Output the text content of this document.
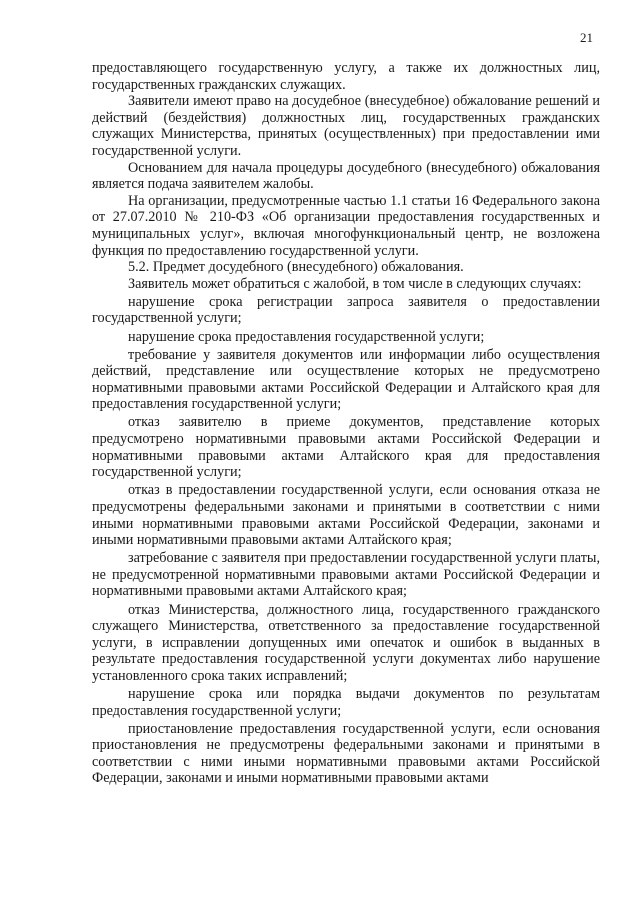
21

предоставляющего государственную услугу, а также их должностных лиц, государственных гражданских служащих.

Заявители имеют право на досудебное (внесудебное) обжалование решений и действий (бездействия) должностных лиц, государственных гражданских служащих Министерства, принятых (осуществленных) при предоставлении ими государственной услуги.

Основанием для начала процедуры досудебного (внесудебного) обжалования является подача заявителем жалобы.

На организации, предусмотренные частью 1.1 статьи 16 Федерального закона от 27.07.2010 № 210-ФЗ «Об организации предоставления государственных и муниципальных услуг», включая многофункциональный центр, не возложена функция по предоставлению государственной услуги.

5.2. Предмет досудебного (внесудебного) обжалования.

Заявитель может обратиться с жалобой, в том числе в следующих случаях:

нарушение срока регистрации запроса заявителя о предоставлении государственной услуги;

нарушение срока предоставления государственной услуги;

требование у заявителя документов или информации либо осуществления действий, представление или осуществление которых не предусмотрено нормативными правовыми актами Российской Федерации и Алтайского края для предоставления государственной услуги;

отказ заявителю в приеме документов, представление которых предусмотрено нормативными правовыми актами Российской Федерации и нормативными правовыми актами Алтайского края для предоставления государственной услуги;

отказ в предоставлении государственной услуги, если основания отказа не предусмотрены федеральными законами и принятыми в соответствии с ними иными нормативными правовыми актами Российской Федерации, законами и иными нормативными правовыми актами Алтайского края;

затребование с заявителя при предоставлении государственной услуги платы, не предусмотренной нормативными правовыми актами Российской Федерации и нормативными правовыми актами Алтайского края;

отказ Министерства, должностного лица, государственного гражданского служащего Министерства, ответственного за предоставление государственной услуги, в исправлении допущенных ими опечаток и ошибок в выданных в результате предоставления государственной услуги документах либо нарушение установленного срока таких исправлений;

нарушение срока или порядка выдачи документов по результатам предоставления государственной услуги;

приостановление предоставления государственной услуги, если основания приостановления не предусмотрены федеральными законами и принятыми в соответствии с ними иными нормативными правовыми актами Российской Федерации, законами и иными нормативными правовыми актами
